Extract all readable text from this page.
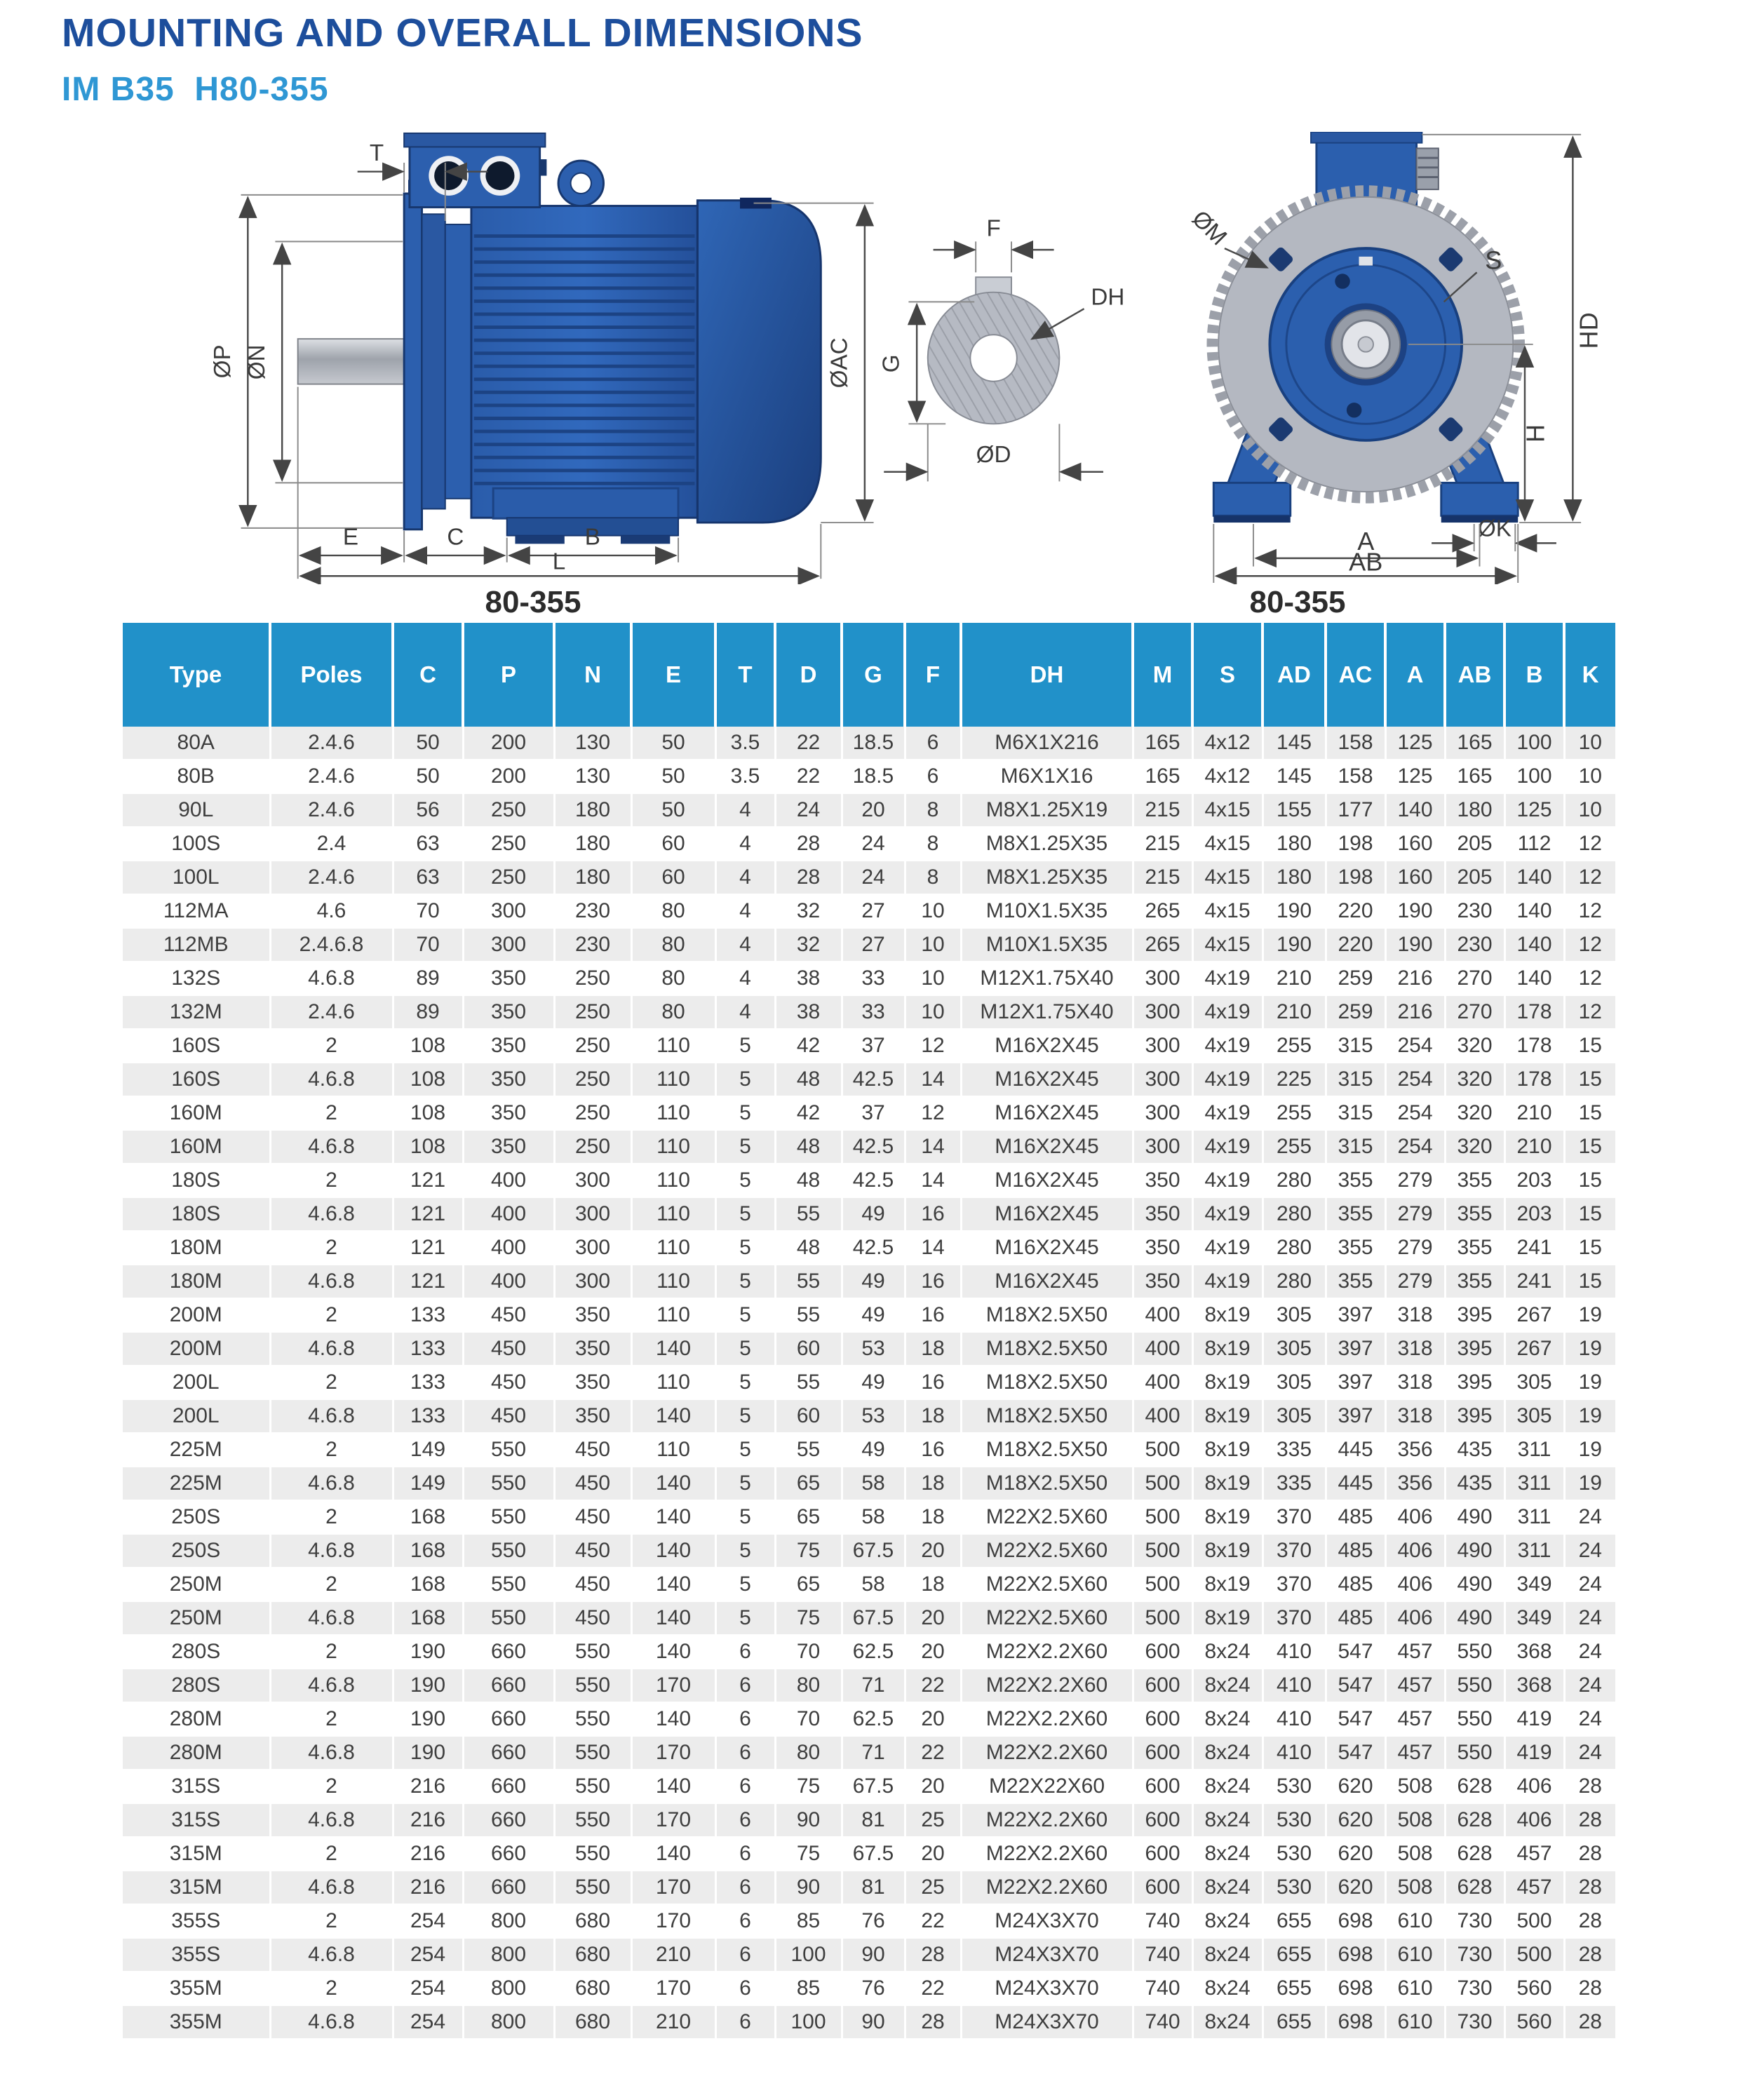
MOUNTING AND OVERALL DIMENSIONS
IM B35  H80-355
T
ØP ØN	ØAC
E	C	B
L
F
DH
G
ØD
ØM
S
HD
H
ØK
A
AB
80-355	80-355
Type	Poles	C	P	N	E	T	D	G	F	DH	M	S	AD	AC	A	AB	B	K
80A	2.4.6	50	200	130	50	3.5	22	18.5	6	M6X1X216	165	4x12	145	158	125	165	100	10
80B	2.4.6	50	200	130	50	3.5	22	18.5	6	M6X1X16	165	4x12	145	158	125	165	100	10
90L	2.4.6	56	250	180	50	4	24	20	8	M8X1.25X19	215	4x15	155	177	140	180	125	10
100S	2.4	63	250	180	60	4	28	24	8	M8X1.25X35	215	4x15	180	198	160	205	112	12
100L	2.4.6	63	250	180	60	4	28	24	8	M8X1.25X35	215	4x15	180	198	160	205	140	12
112MA	4.6	70	300	230	80	4	32	27	10	M10X1.5X35	265	4x15	190	220	190	230	140	12
112MB	2.4.6.8	70	300	230	80	4	32	27	10	M10X1.5X35	265	4x15	190	220	190	230	140	12
132S	4.6.8	89	350	250	80	4	38	33	10	M12X1.75X40	300	4x19	210	259	216	270	140	12
132M	2.4.6	89	350	250	80	4	38	33	10	M12X1.75X40	300	4x19	210	259	216	270	178	12
160S	2	108	350	250	110	5	42	37	12	M16X2X45	300	4x19	255	315	254	320	178	15
160S	4.6.8	108	350	250	110	5	48	42.5	14	M16X2X45	300	4x19	225	315	254	320	178	15
160M	2	108	350	250	110	5	42	37	12	M16X2X45	300	4x19	255	315	254	320	210	15
160M	4.6.8	108	350	250	110	5	48	42.5	14	M16X2X45	300	4x19	255	315	254	320	210	15
180S	2	121	400	300	110	5	48	42.5	14	M16X2X45	350	4x19	280	355	279	355	203	15
180S	4.6.8	121	400	300	110	5	55	49	16	M16X2X45	350	4x19	280	355	279	355	203	15
180M	2	121	400	300	110	5	48	42.5	14	M16X2X45	350	4x19	280	355	279	355	241	15
180M	4.6.8	121	400	300	110	5	55	49	16	M16X2X45	350	4x19	280	355	279	355	241	15
200M	2	133	450	350	110	5	55	49	16	M18X2.5X50	400	8x19	305	397	318	395	267	19
200M	4.6.8	133	450	350	140	5	60	53	18	M18X2.5X50	400	8x19	305	397	318	395	267	19
200L	2	133	450	350	110	5	55	49	16	M18X2.5X50	400	8x19	305	397	318	395	305	19
200L	4.6.8	133	450	350	140	5	60	53	18	M18X2.5X50	400	8x19	305	397	318	395	305	19
225M	2	149	550	450	110	5	55	49	16	M18X2.5X50	500	8x19	335	445	356	435	311	19
225M	4.6.8	149	550	450	140	5	65	58	18	M18X2.5X50	500	8x19	335	445	356	435	311	19
250S	2	168	550	450	140	5	65	58	18	M22X2.5X60	500	8x19	370	485	406	490	311	24
250S	4.6.8	168	550	450	140	5	75	67.5	20	M22X2.5X60	500	8x19	370	485	406	490	311	24
250M	2	168	550	450	140	5	65	58	18	M22X2.5X60	500	8x19	370	485	406	490	349	24
250M	4.6.8	168	550	450	140	5	75	67.5	20	M22X2.5X60	500	8x19	370	485	406	490	349	24
280S	2	190	660	550	140	6	70	62.5	20	M22X2.2X60	600	8x24	410	547	457	550	368	24
280S	4.6.8	190	660	550	170	6	80	71	22	M22X2.2X60	600	8x24	410	547	457	550	368	24
280M	2	190	660	550	140	6	70	62.5	20	M22X2.2X60	600	8x24	410	547	457	550	419	24
280M	4.6.8	190	660	550	170	6	80	71	22	M22X2.2X60	600	8x24	410	547	457	550	419	24
315S	2	216	660	550	140	6	75	67.5	20	M22X22X60	600	8x24	530	620	508	628	406	28
315S	4.6.8	216	660	550	170	6	90	81	25	M22X2.2X60	600	8x24	530	620	508	628	406	28
315M	2	216	660	550	140	6	75	67.5	20	M22X2.2X60	600	8x24	530	620	508	628	457	28
315M	4.6.8	216	660	550	170	6	90	81	25	M22X2.2X60	600	8x24	530	620	508	628	457	28
355S	2	254	800	680	170	6	85	76	22	M24X3X70	740	8x24	655	698	610	730	500	28
355S	4.6.8	254	800	680	210	6	100	90	28	M24X3X70	740	8x24	655	698	610	730	500	28
355M	2	254	800	680	170	6	85	76	22	M24X3X70	740	8x24	655	698	610	730	560	28
355M	4.6.8	254	800	680	210	6	100	90	28	M24X3X70	740	8x24	655	698	610	730	560	28
